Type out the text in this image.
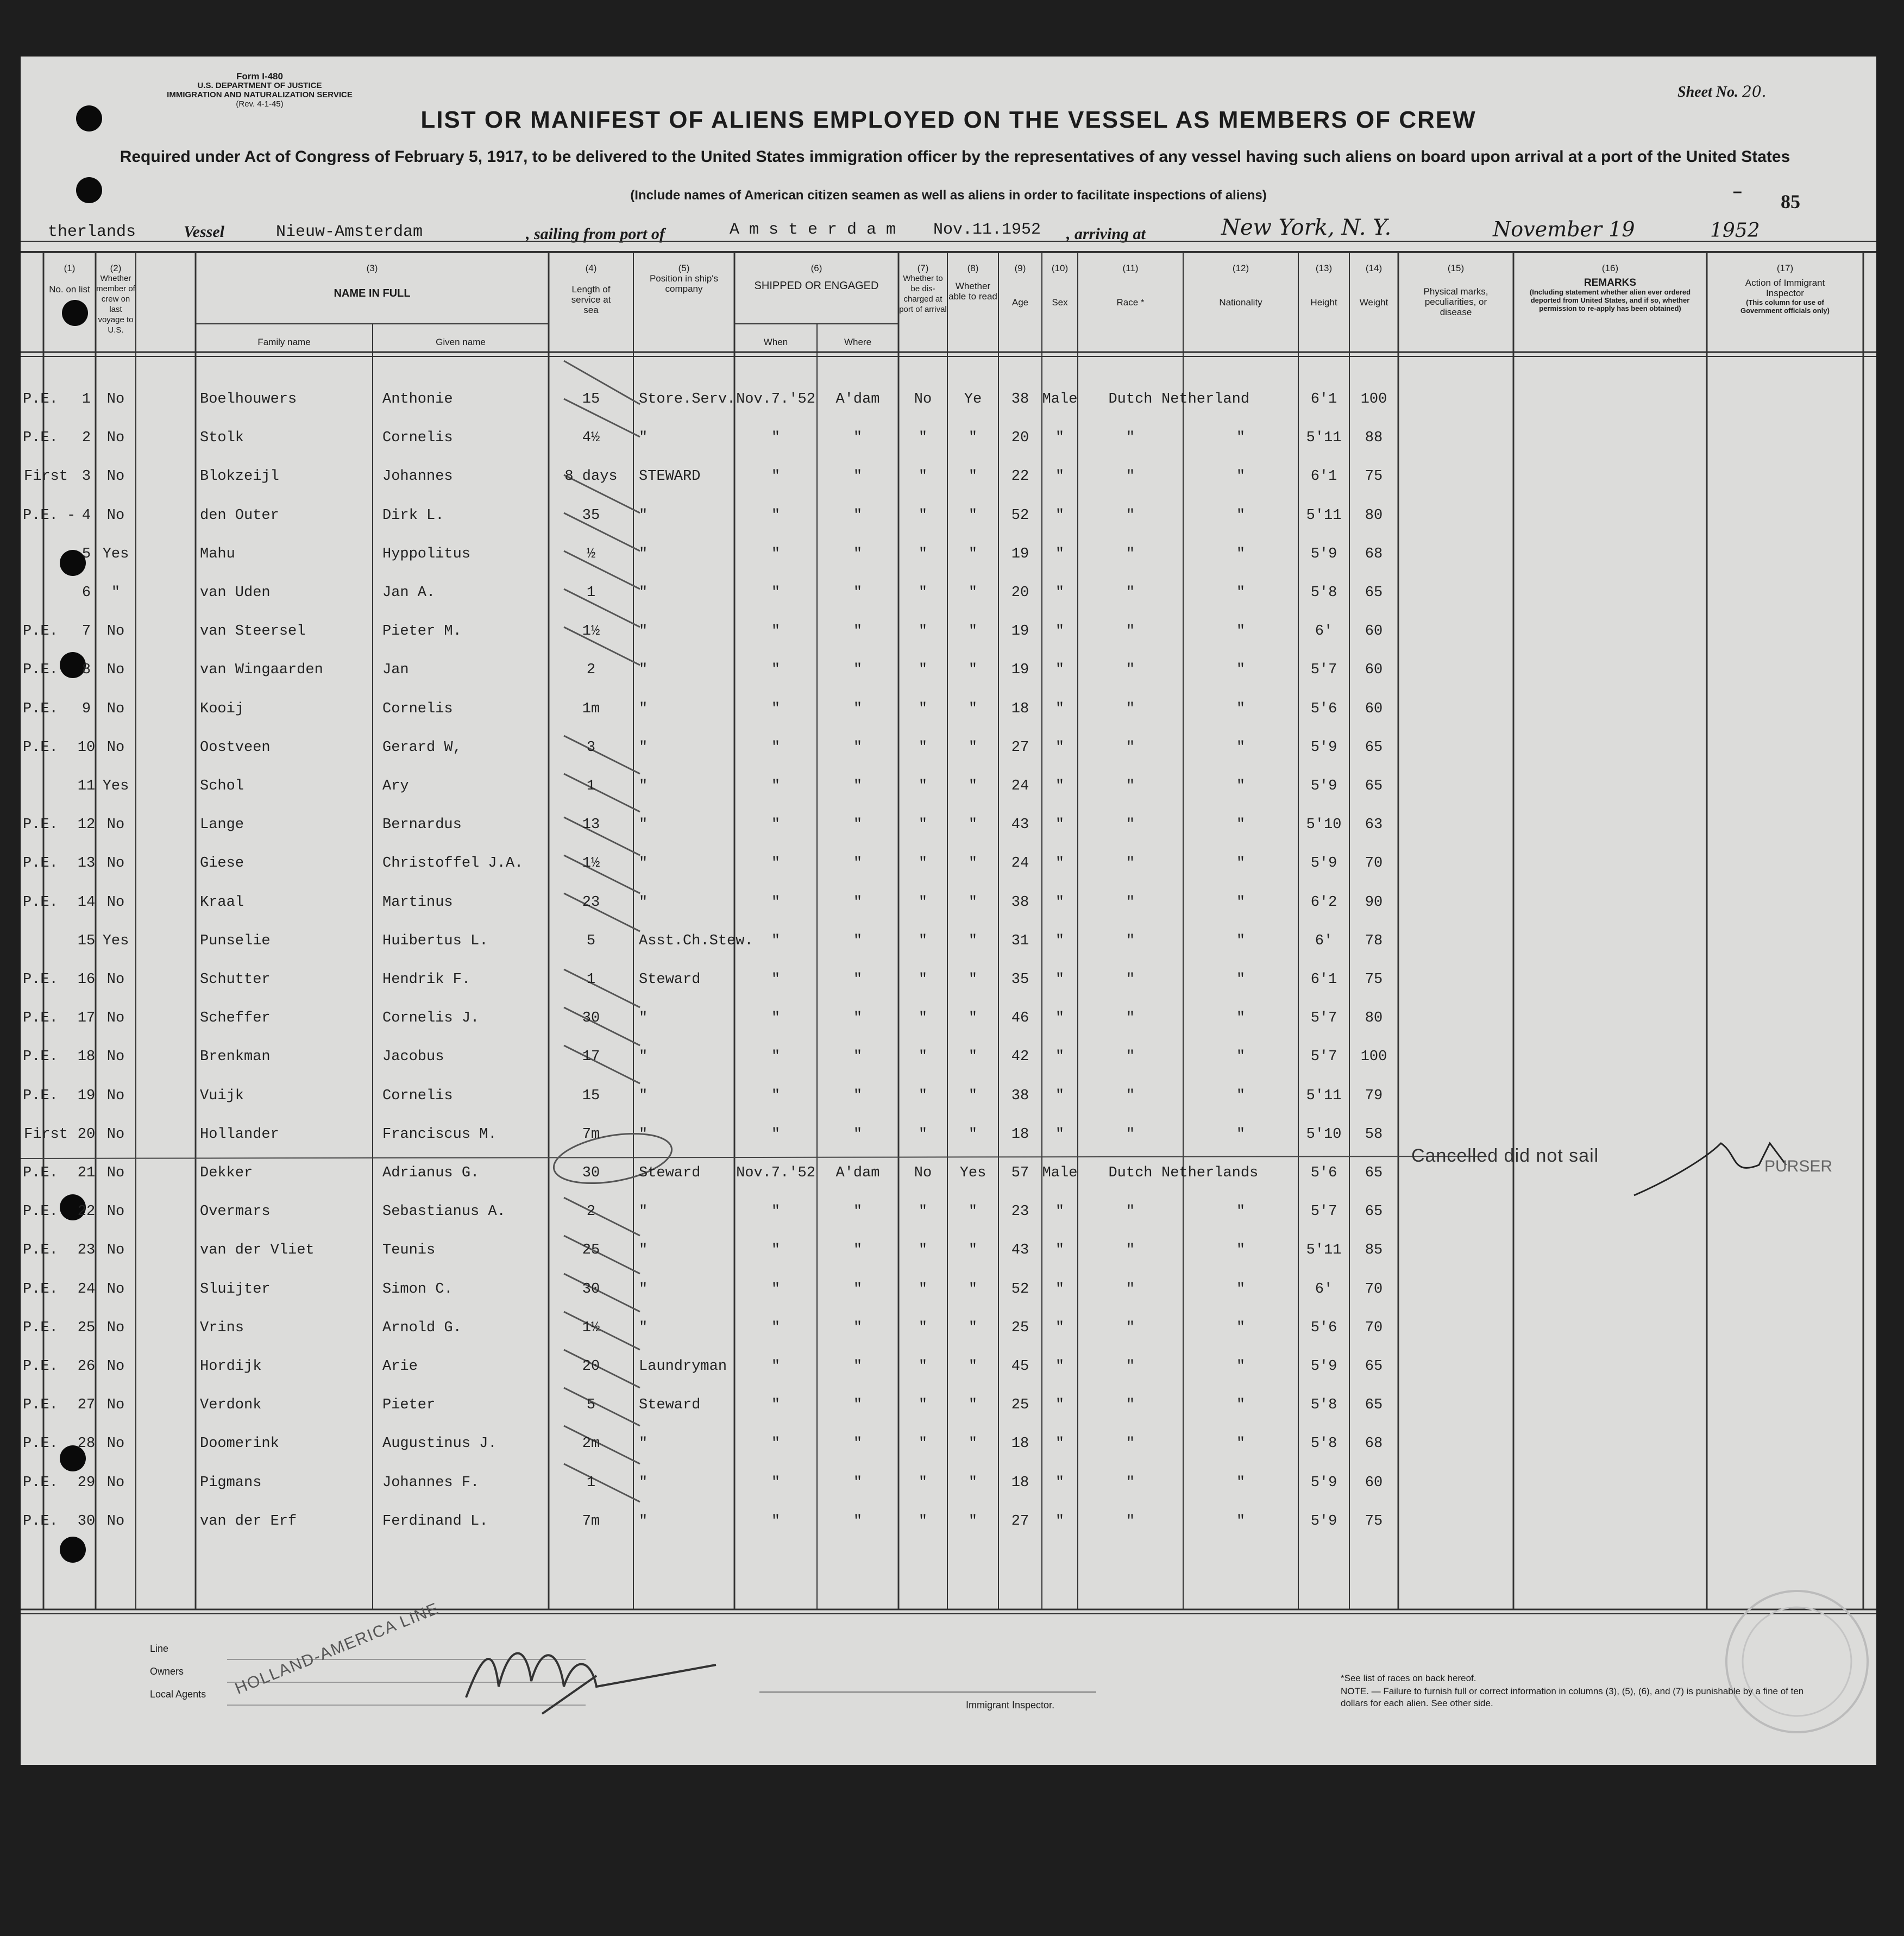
Form I-480
U.S. DEPARTMENT OF JUSTICE
IMMIGRATION AND NATURALIZATION SERVICE
(Rev. 4-1-45)
Sheet No. 20.
LIST OR MANIFEST OF ALIENS EMPLOYED ON THE VESSEL AS MEMBERS OF CREW
Required under Act of Congress of February 5, 1917, to be delivered to the United States immigration officer by the representatives of any vessel having such aliens on board upon arrival at a port of the United States
(Include names of American citizen seamen as well as aliens in order to facilitate inspections of aliens)	– 85
therlands	Vessel	Nieuw-Amsterdam	, sailing from port of	A m s t e r d a m Nov.11.1952 , arriving at	New York, N. Y.	November 19	1952
(1)
No. on list
(2)
Whether member of crew on last voyage to U.S.
(3)
NAME IN FULL
Family name	Given name
(4)
Length of service at sea
(5)
Position in ship's company
(6)
SHIPPED OR ENGAGED
When	Where
(7)
Whether to be dis-charged at port of arrival
(8)
Whether able to read
(9)
Age
(10)
Sex
(11)
Race *
(12)
Nationality
(13)
Height
(14)
Weight
(15)
Physical marks, peculiarities, or disease
(16)
REMARKS
(Including statement whether alien ever ordered deported from United States, and if so, whether permission to re-apply has been obtained)
(17)
Action of Immigrant Inspector
(This column for use of Government officials only)
P.E.	1	No	Boelhouwers	Anthonie	15	Store.Serv. Nov.7.'52	A'dam	No	Ye	38 Male	Dutch Netherland	6'1	100
P.E.	2	No	Stolk	Cornelis	4½	"	"	"	"	"	20	"	"	"	5'11	88
First 3	No	Blokzeijl	Johannes	8 days	STEWARD	"	"	"	"	22	"	"	"	6'1	75
P.E. - 4	No	den Outer	Dirk L.	35	"	"	"	"	"	52	"	"	"	5'11	80
5 Yes	Mahu	Hyppolitus	½	"	"	"	"	"	19	"	"	"	5'9	68
6	"	van Uden	Jan A.	1	"	"	"	"	"	20	"	"	"	5'8	65
P.E.	7	No	van Steersel	Pieter M.	1½	"	"	"	"	"	19	"	"	"	6'	60
P.E.	8	No	van Wingaarden	Jan	2	"	"	"	"	"	19	"	"	"	5'7	60
P.E.	9	No	Kooij	Cornelis	1m	"	"	"	"	"	18	"	"	"	5'6	60
P.E.	10 No	Oostveen	Gerard W,	3	"	"	"	"	"	27	"	"	"	5'9	65
11 Yes	Schol	Ary	1	"	"	"	"	"	24	"	"	"	5'9	65
P.E.	12 No	Lange	Bernardus	13	"	"	"	"	"	43	"	"	"	5'10	63
P.E.	13 No	Giese	Christoffel J.A.	1½	"	"	"	"	"	24	"	"	"	5'9	70
P.E.	14 No	Kraal	Martinus	23	"	"	"	"	"	38	"	"	"	6'2	90
15 Yes	Punselie	Huibertus L.	5	Asst.Ch.Stew.	"	"	"	"	31	"	"	"	6'	78
P.E.	16 No	Schutter	Hendrik F.	1	Steward	"	"	"	"	35	"	"	"	6'1	75
P.E.	17 No	Scheffer	Cornelis J.	30	"	"	"	"	"	46	"	"	"	5'7	80
P.E.	18 No	Brenkman	Jacobus	17	"	"	"	"	"	42	"	"	"	5'7	100
P.E.	19 No	Vuijk	Cornelis	15	"	"	"	"	"	38	"	"	"	5'11	79
First 20 No	Hollander	Franciscus M.	7m	"	"	"	"	"	18	"	"	"	5'10	58
P.E.	21 No	Dekker	Adrianus G.	30	Steward	Nov.7.'52	A'dam	No	Yes	57 Male	Dutch Netherlands	5'6	65
P.E.	22 No	Overmars	Sebastianus A.	2	"	"	"	"	"	23	"	"	"	5'7	65
P.E.	23 No	van der Vliet	Teunis	25	"	"	"	"	"	43	"	"	"	5'11	85
P.E.	24 No	Sluijter	Simon C.	30	"	"	"	"	"	52	"	"	"	6'	70
P.E.	25 No	Vrins	Arnold G.	1½	"	"	"	"	"	25	"	"	"	5'6	70
P.E.	26 No	Hordijk	Arie	20	Laundryman	"	"	"	"	45	"	"	"	5'9	65
P.E.	27 No	Verdonk	Pieter	5	Steward	"	"	"	"	25	"	"	"	5'8	65
P.E.	28 No	Doomerink	Augustinus J.	2m	"	"	"	"	"	18	"	"	"	5'8	68
P.E.	29 No	Pigmans	Johannes F.	1	"	"	"	"	"	18	"	"	"	5'9	60
P.E.	30 No	van der Erf	Ferdinand L.	7m	"	"	"	"	"	27	"	"	"	5'9	75
Cancelled did not sail
PURSER
Line
Owners
Local Agents HOLLAND-AMERICA LINE
Immigrant Inspector.
*See list of races on back hereof.
NOTE. — Failure to furnish full or correct information in columns (3), (5), (6), and (7) is punishable by a fine of ten dollars for each alien. See other side.
